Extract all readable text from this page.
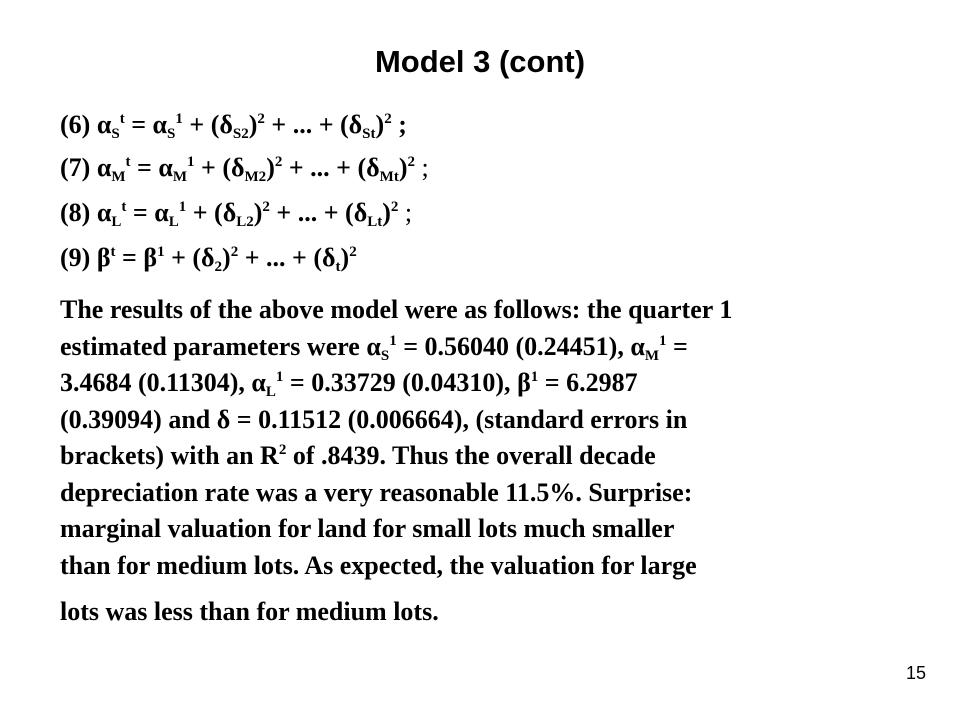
Model 3 (cont)
(6) $\alpha_S^t = \alpha_S^1 + (\delta_{S2})^2$ + ... + $(\delta_{St})^2$ ;
(7) $\alpha_M^t = \alpha_M^1 + (\delta_{M2})^2$ + ... + $(\delta_{Mt})^2$ ;
(8) $\alpha_L^t = \alpha_L^1 + (\delta_{L2})^2$ + ... + $(\delta_{Lt})^2$ ;
(9) $\beta^t = \beta^1 + (\delta_2)^2$ + ... + $(\delta_t)^2$
The results of the above model were as follows: the quarter 1
estimated parameters were $\alpha_S^1 = 0.56040$ (0.24451), $\alpha_M^1$ =
3.4684 (0.11304), $\alpha_L^1 = 0.33729$ (0.04310), $\beta^1 = 6.2987$
(0.39094) and δ = 0.11512 (0.006664), (standard errors in
brackets) with an $R^2$ of .8439. Thus the overall decade
depreciation rate was a very reasonable 11.5%. Surprise:
marginal valuation for land for small lots much smaller
than for medium lots. As expected, the valuation for large
lots was less than for medium lots.
15
